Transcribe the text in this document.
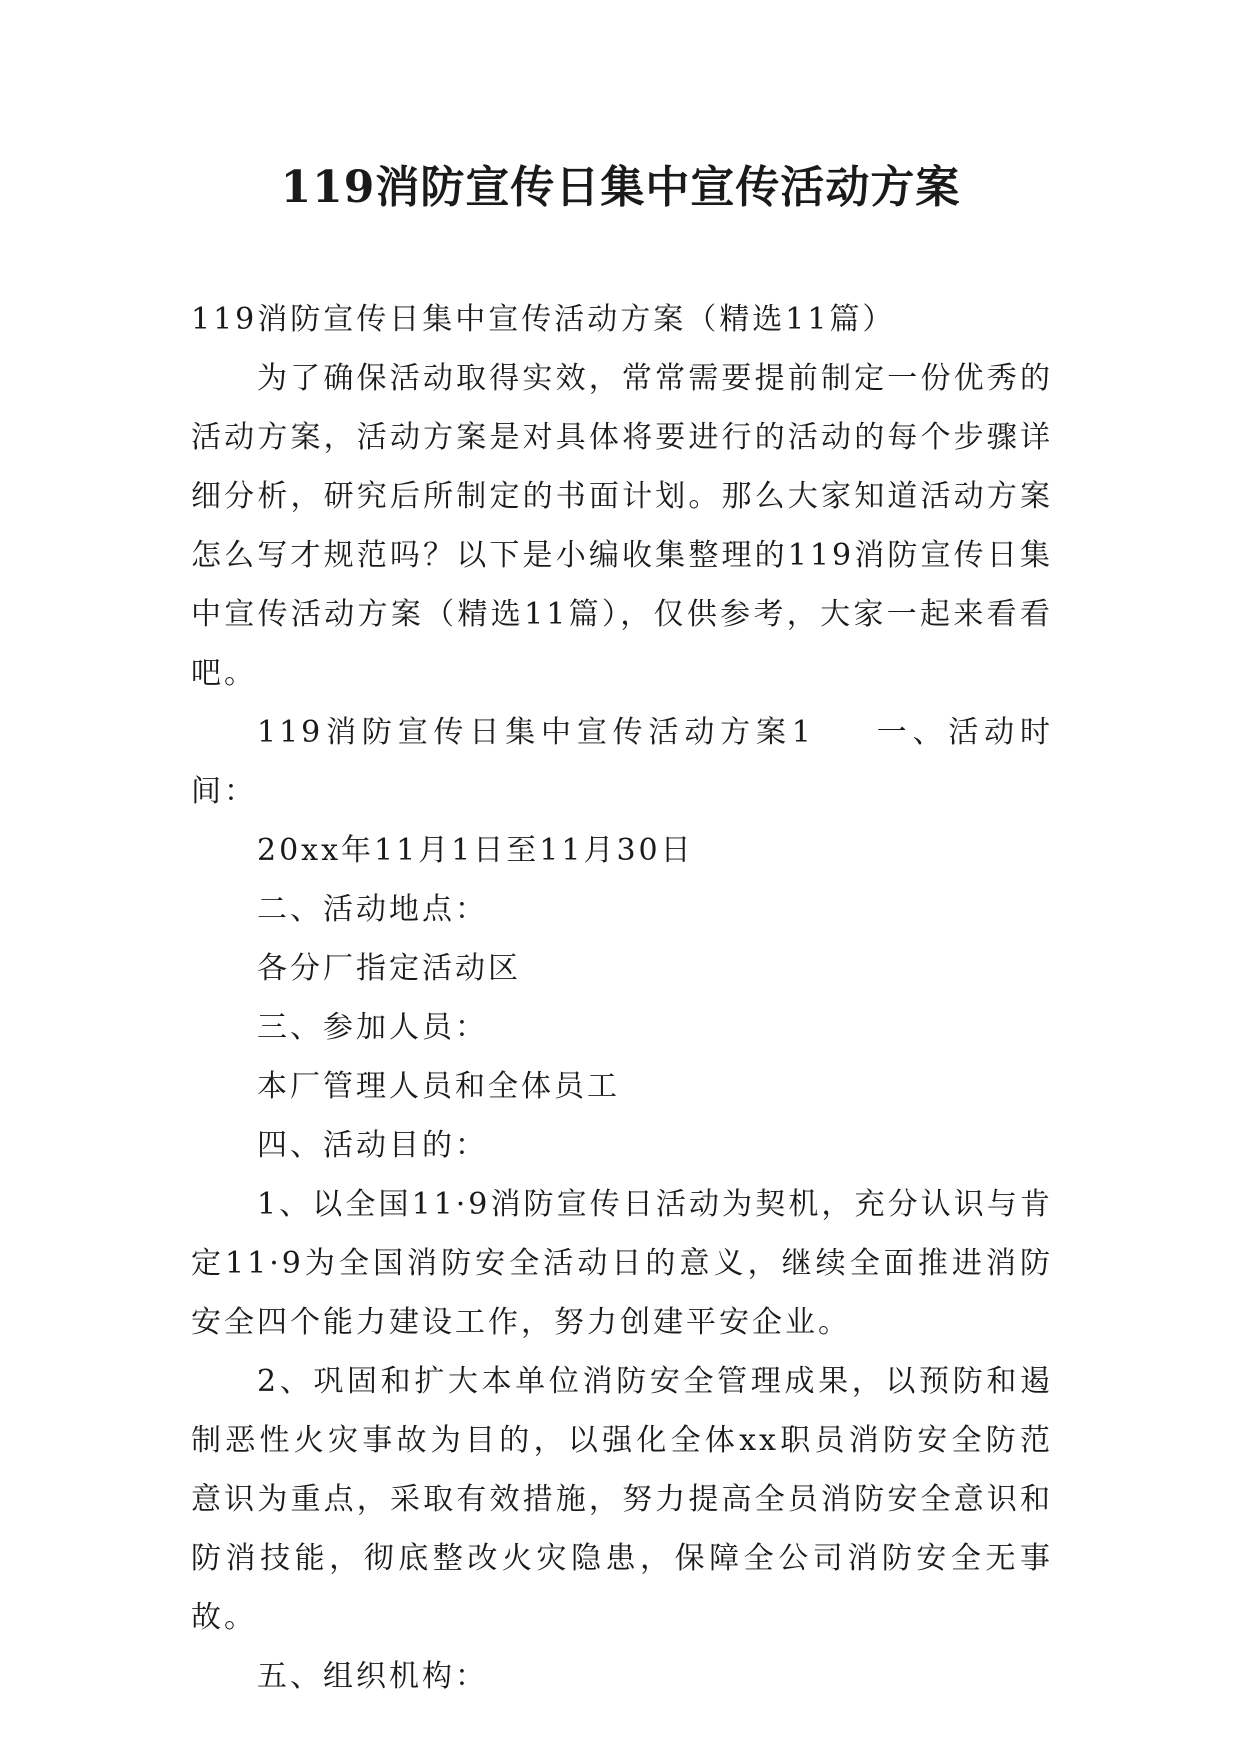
119消防宣传日集中宣传活动方案

119消防宣传日集中宣传活动方案（精选11篇）

为了确保活动取得实效，常常需要提前制定一份优秀的活动方案，活动方案是对具体将要进行的活动的每个步骤详细分析，研究后所制定的书面计划。那么大家知道活动方案怎么写才规范吗？以下是小编收集整理的119消防宣传日集中宣传活动方案（精选11篇），仅供参考，大家一起来看看吧。

119消防宣传日集中宣传活动方案1 一、活动时间：

20xx年11月1日至11月30日

二、活动地点：

各分厂指定活动区

三、参加人员：

本厂管理人员和全体员工

四、活动目的：

1、以全国11·9消防宣传日活动为契机，充分认识与肯定11·9为全国消防安全活动日的意义，继续全面推进消防安全四个能力建设工作，努力创建平安企业。

2、巩固和扩大本单位消防安全管理成果，以预防和遏制恶性火灾事故为目的，以强化全体xx职员消防安全防范意识为重点，采取有效措施，努力提高全员消防安全意识和防消技能，彻底整改火灾隐患，保障全公司消防安全无事故。

五、组织机构：
